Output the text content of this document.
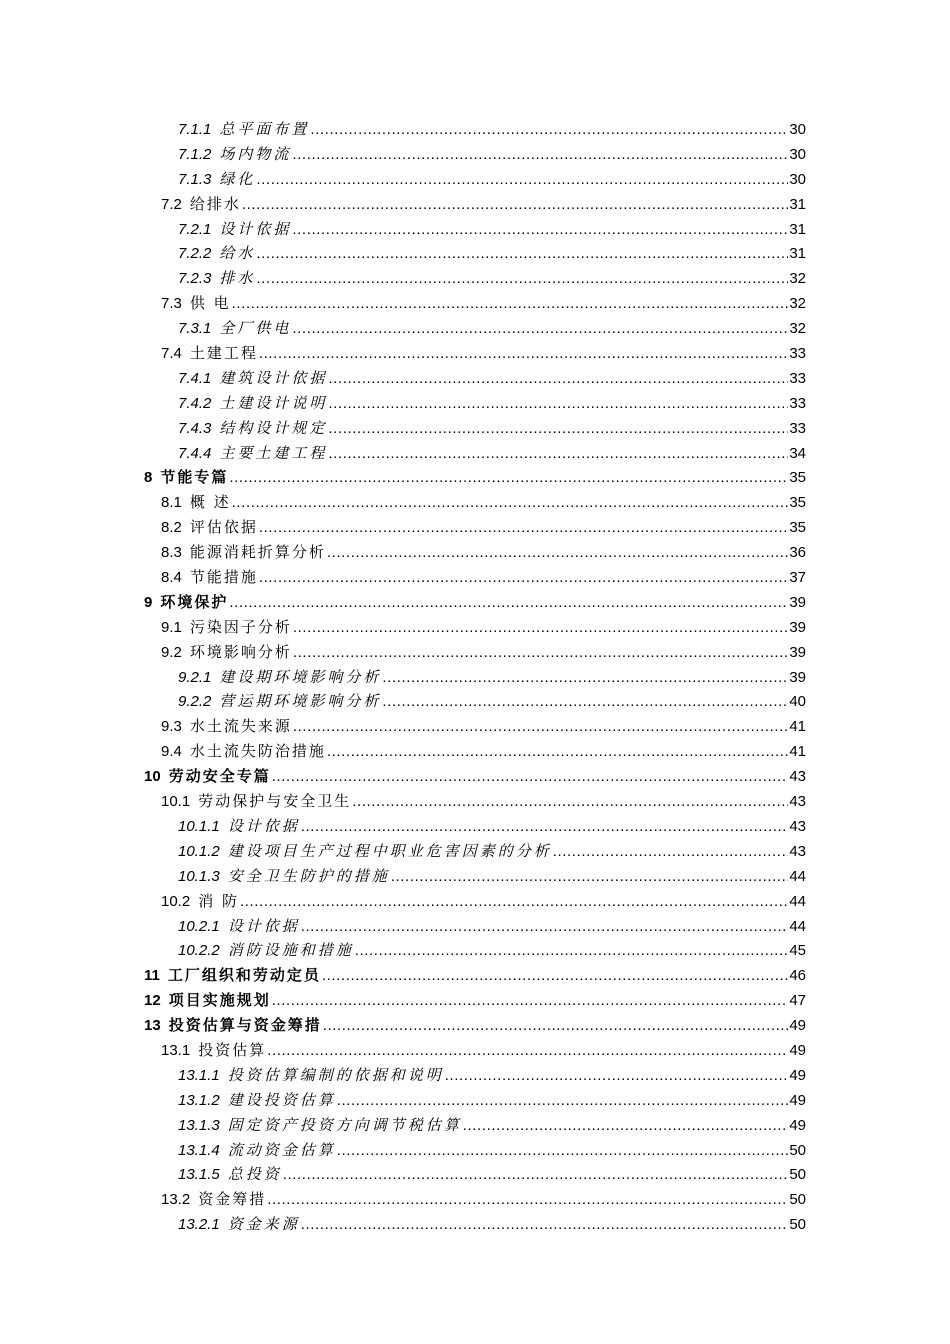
7.1.1 总平面布置 .....	30
7.1.2 场内物流 .....	30
7.1.3 绿化 .....	30
7.2 给排水 .....	31
7.2.1 设计依据 .....	31
7.2.2 给水 .....	31
7.2.3 排水 .....	32
7.3 供 电 .....	32
7.3.1 全厂供电 .....	32
7.4 土建工程 .....	33
7.4.1 建筑设计依据 .....	33
7.4.2 土建设计说明 .....	33
7.4.3 结构设计规定 .....	33
7.4.4 主要土建工程 .....	34
8 节能专篇 .....	35
8.1 概 述 .....	35
8.2 评估依据 .....	35
8.3 能源消耗折算分析 .....	36
8.4 节能措施 .....	37
9 环境保护 .....	39
9.1 污染因子分析 .....	39
9.2 环境影响分析 .....	39
9.2.1 建设期环境影响分析 .....	39
9.2.2 营运期环境影响分析 .....	40
9.3 水土流失来源 .....	41
9.4 水土流失防治措施 .....	41
10 劳动安全专篇 .....	43
10.1 劳动保护与安全卫生 .....	43
10.1.1 设计依据 .....	43
10.1.2 建设项目生产过程中职业危害因素的分析 .....	43
10.1.3 安全卫生防护的措施 .....	44
10.2 消 防 .....	44
10.2.1 设计依据 .....	44
10.2.2 消防设施和措施 .....	45
11 工厂组织和劳动定员 .....	46
12 项目实施规划 .....	47
13 投资估算与资金筹措 .....	49
13.1 投资估算 .....	49
13.1.1 投资估算编制的依据和说明 .....	49
13.1.2 建设投资估算 .....	49
13.1.3 固定资产投资方向调节税估算 .....	49
13.1.4 流动资金估算 .....	50
13.1.5 总投资 .....	50
13.2 资金筹措 .....	50
13.2.1 资金来源 .....	50
